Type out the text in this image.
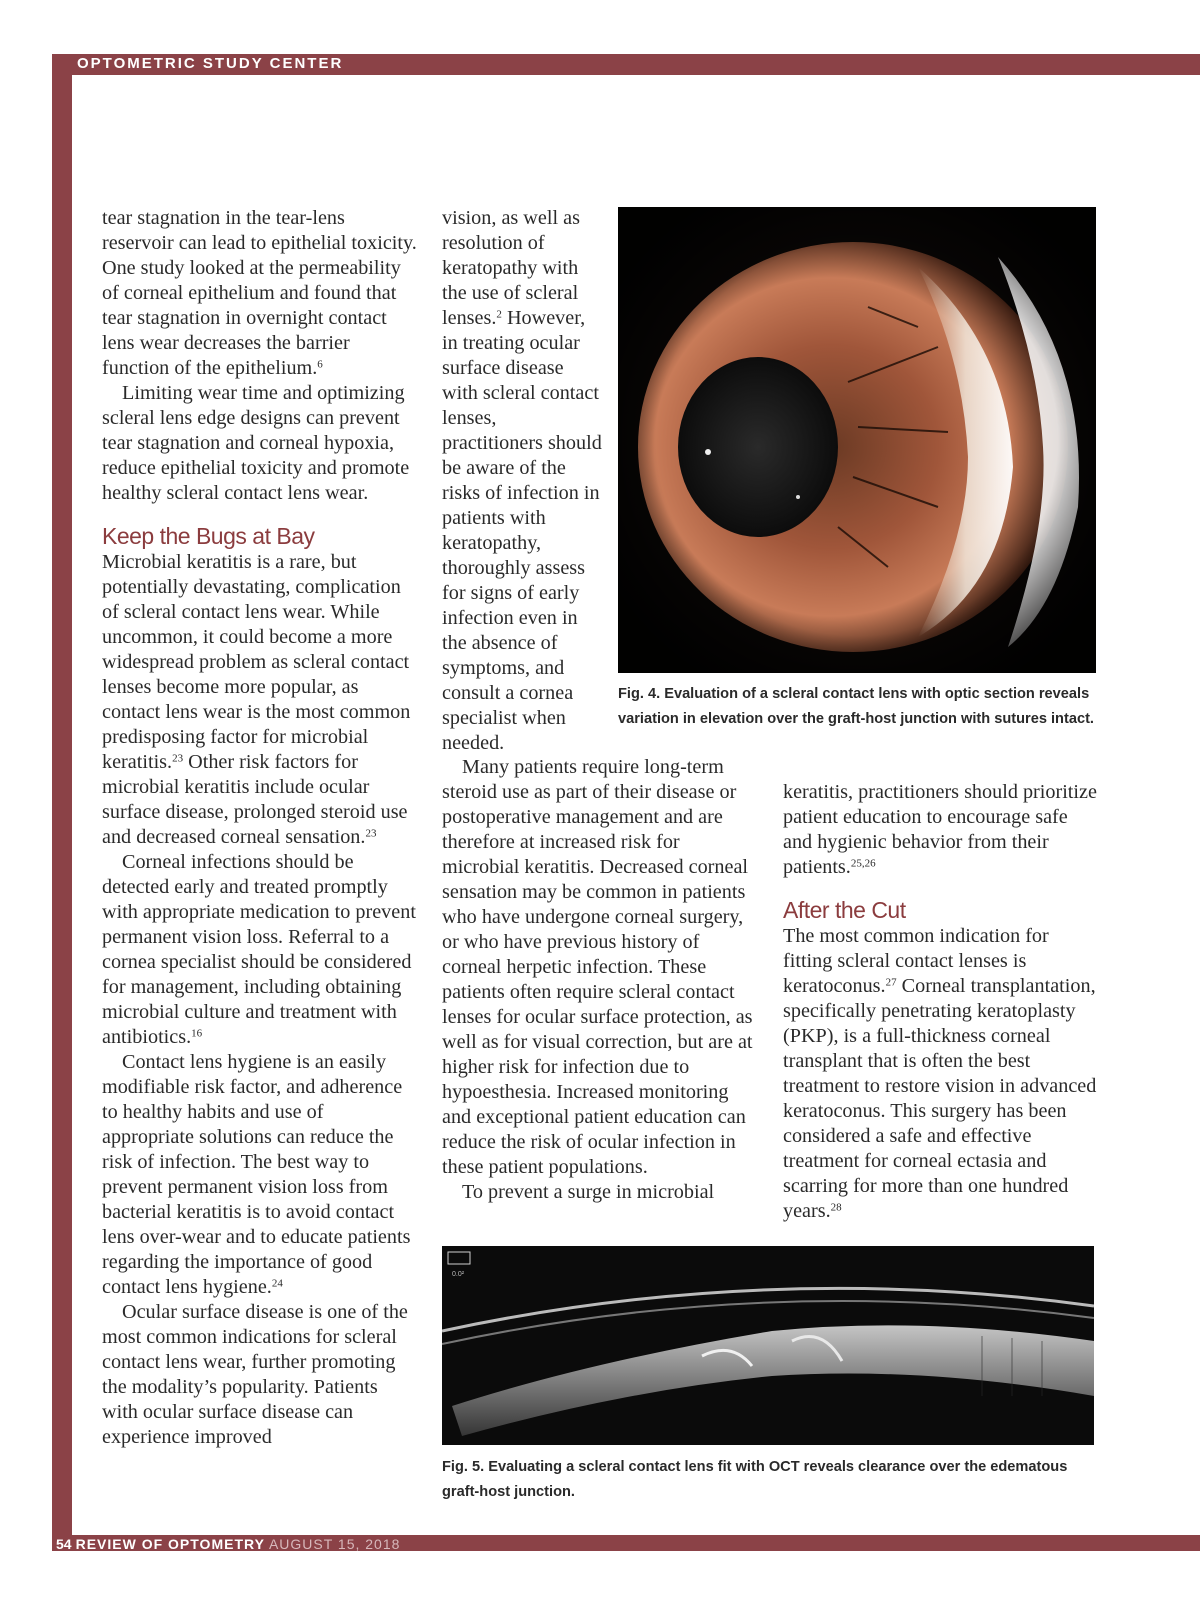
OPTOMETRIC STUDY CENTER
54 REVIEW OF OPTOMETRY AUGUST 15, 2018

tear stagnation in the tear-lens reservoir can lead to epithelial toxicity. One study looked at the permeability of corneal epithelium and found that tear stagnation in overnight contact lens wear decreases the barrier function of the epithelium.$^6$

Limiting wear time and optimizing scleral lens edge designs can prevent tear stagnation and corneal hypoxia, reduce epithelial toxicity and promote healthy scleral contact lens wear.

Keep the Bugs at Bay

Microbial keratitis is a rare, but potentially devastating, complication of scleral contact lens wear. While uncommon, it could become a more widespread problem as scleral contact lenses become more popular, as contact lens wear is the most common predisposing factor for microbial keratitis.$^{23}$ Other risk factors for microbial keratitis include ocular surface disease, prolonged steroid use and decreased corneal sensation.$^{23}$

Corneal infections should be detected early and treated promptly with appropriate medication to prevent permanent vision loss. Referral to a cornea specialist should be considered for management, including obtaining microbial culture and treatment with antibiotics.$^{16}$

Contact lens hygiene is an easily modifiable risk factor, and adherence to healthy habits and use of appropriate solutions can reduce the risk of infection. The best way to prevent permanent vision loss from bacterial keratitis is to avoid contact lens over-wear and to educate patients regarding the importance of good contact lens hygiene.$^{24}$

Ocular surface disease is one of the most common indications for scleral contact lens wear, further promoting the modality’s popularity. Patients with ocular surface disease can experience improved

vision, as well as resolution of keratopathy with the use of scleral lenses.$^2$ However, in treating ocular surface disease with scleral contact lenses, practitioners should be aware of the risks of infection in patients with keratopathy, thoroughly assess for signs of early infection even in the absence of symptoms, and consult a cornea specialist when needed.

Many patients require long-term steroid use as part of their disease or postoperative management and are therefore at increased risk for microbial keratitis. Decreased corneal sensation may be common in patients who have undergone corneal surgery, or who have previous history of corneal herpetic infection. These patients often require scleral contact lenses for ocular surface protection, as well as for visual correction, but are at higher risk for infection due to hypoesthesia. Increased monitoring and exceptional patient education can reduce the risk of ocular infection in these patient populations.

To prevent a surge in microbial

keratitis, practitioners should prioritize patient education to encourage safe and hygienic behavior from their patients.$^{25,26}$

After the Cut

The most common indication for fitting scleral contact lenses is keratoconus.$^{27}$ Corneal transplantation, specifically penetrating keratoplasty (PKP), is a full-thickness corneal transplant that is often the best treatment to restore vision in advanced keratoconus. This surgery has been considered a safe and effective treatment for corneal ectasia and scarring for more than one hundred years.$^{28}$

Fig. 4. Evaluation of a scleral contact lens with optic section reveals variation in elevation over the graft-host junction with sutures intact.
0.0²
Fig. 5. Evaluating a scleral contact lens fit with OCT reveals clearance over the edematous graft-host junction.
